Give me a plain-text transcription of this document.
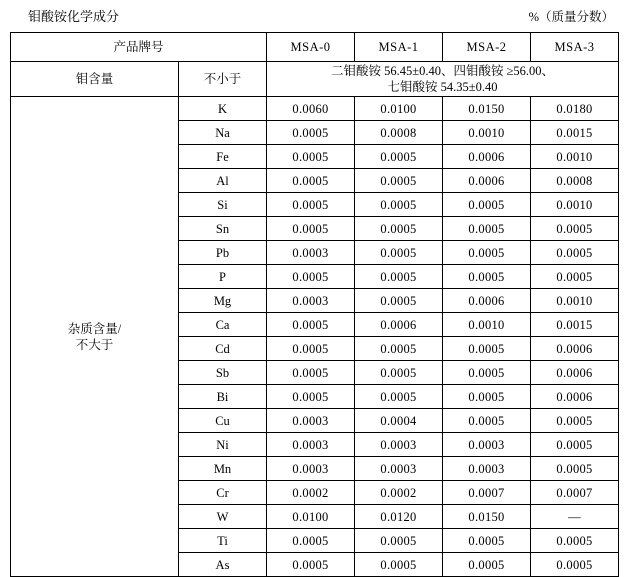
钼酸铵化学成分	%（质量分数）
产品牌号		MSA-0	MSA-1	MSA-2	MSA-3
钼含量	不小于	二钼酸铵 56.45±0.40、四钼酸铵 ≥56.00、
七钼酸铵 54.35±0.40			

杂质含量/
不大于	K	0.0060	0.0100	0.0150	0.0180
	Na	0.0005	0.0008	0.0010	0.0015
	Fe	0.0005	0.0005	0.0006	0.0010
	Al	0.0005	0.0005	0.0006	0.0008
	Si	0.0005	0.0005	0.0005	0.0010
	Sn	0.0005	0.0005	0.0005	0.0005
	Pb	0.0003	0.0005	0.0005	0.0005
	P	0.0005	0.0005	0.0005	0.0005
	Mg	0.0003	0.0005	0.0006	0.0010
	Ca	0.0005	0.0006	0.0010	0.0015
	Cd	0.0005	0.0005	0.0005	0.0006
	Sb	0.0005	0.0005	0.0005	0.0006
	Bi	0.0005	0.0005	0.0005	0.0006
	Cu	0.0003	0.0004	0.0005	0.0005
	Ni	0.0003	0.0003	0.0003	0.0005
	Mn	0.0003	0.0003	0.0003	0.0005
	Cr	0.0002	0.0002	0.0007	0.0007
	W	0.0100	0.0120	0.0150	—
	Ti	0.0005	0.0005	0.0005	0.0005
	As	0.0005	0.0005	0.0005	0.0005
